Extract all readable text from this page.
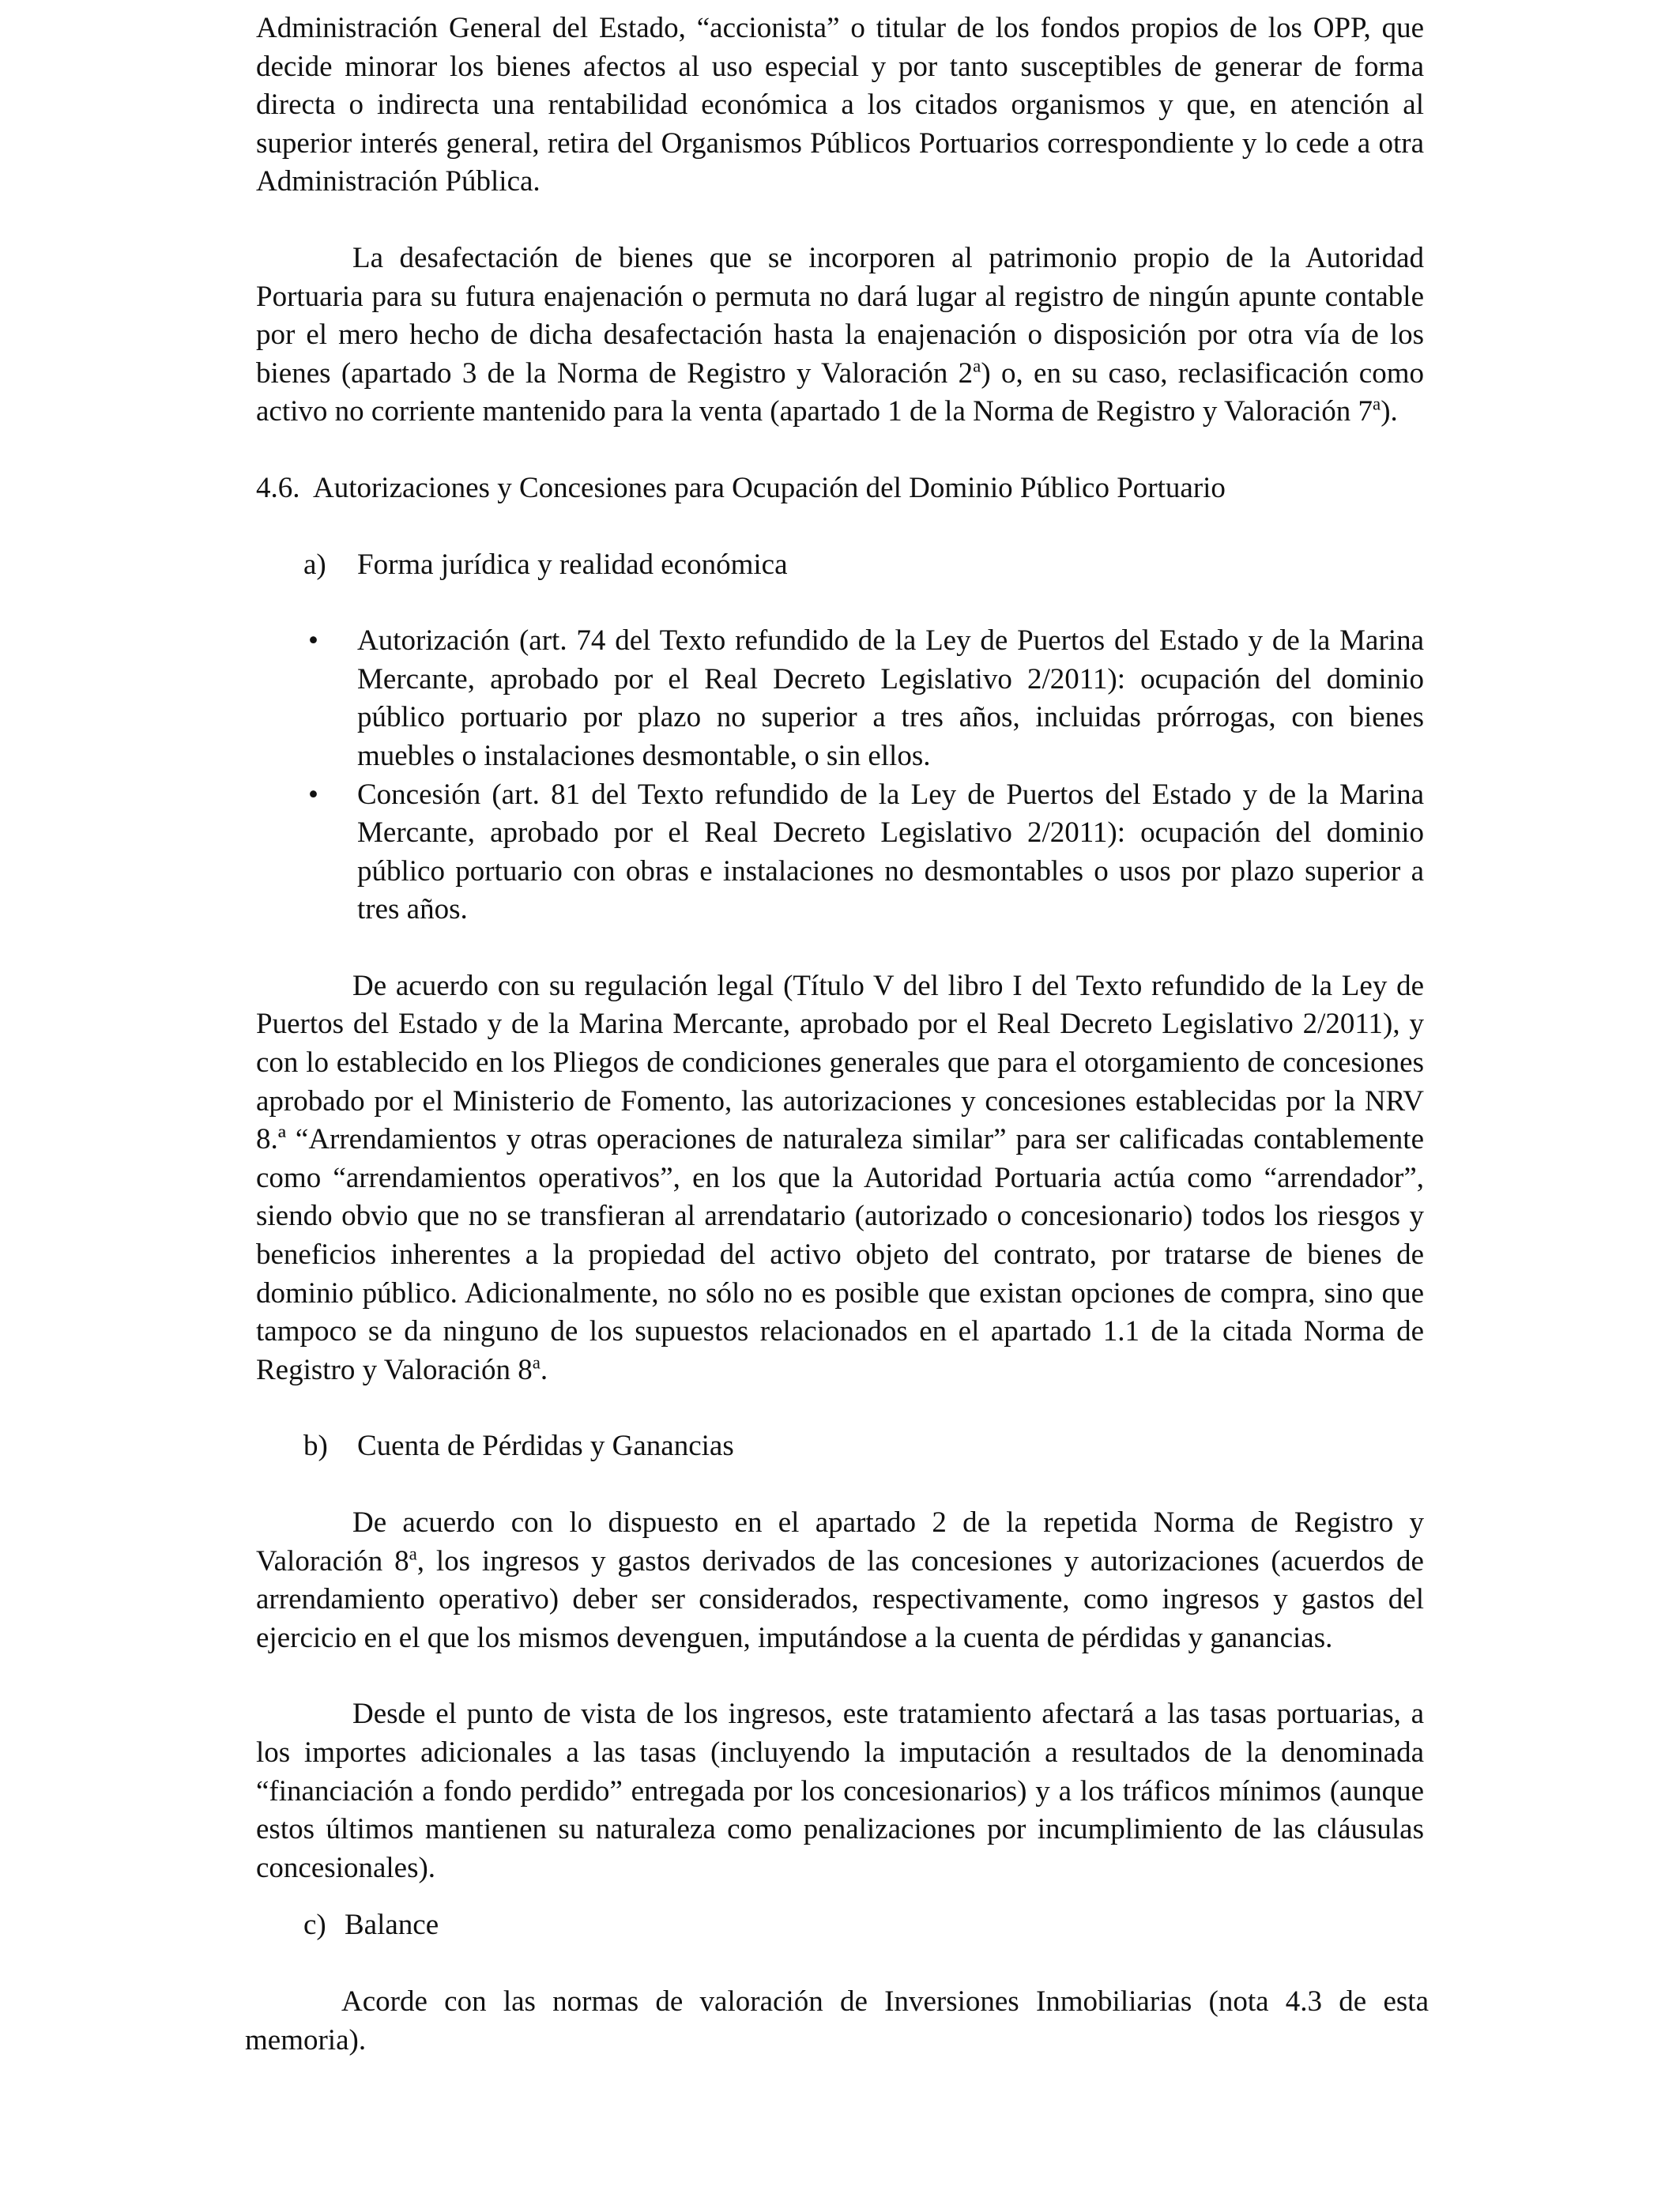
Administración General del Estado, “accionista” o titular de los fondos propios de los OPP, que decide minorar los bienes afectos al uso especial y por tanto susceptibles de generar de forma directa o indirecta una rentabilidad económica a los citados organismos y que, en atención al superior interés general, retira del Organismos Públicos Portuarios correspondiente y lo cede a otra Administración Pública.

La desafectación de bienes que se incorporen al patrimonio propio de la Autoridad Portuaria para su futura enajenación o permuta no dará lugar al registro de ningún apunte contable por el mero hecho de dicha desafectación hasta la enajenación o disposición por otra vía de los bienes (apartado 3 de la Norma de Registro y Valoración 2$^a$) o, en su caso, reclasificación como activo no corriente mantenido para la venta (apartado 1 de la Norma de Registro y Valoración 7$^a$).

4.6. Autorizaciones y Concesiones para Ocupación del Dominio Público Portuario

a)	Forma jurídica y realidad económica
• Autorización (art. 74 del Texto refundido de la Ley de Puertos del Estado y de la Marina Mercante, aprobado por el Real Decreto Legislativo 2/2011): ocupación del dominio público portuario por plazo no superior a tres años, incluidas prórrogas, con bienes muebles o instalaciones desmontable, o sin ellos.
• Concesión (art. 81 del Texto refundido de la Ley de Puertos del Estado y de la Marina Mercante, aprobado por el Real Decreto Legislativo 2/2011): ocupación del dominio público portuario con obras e instalaciones no desmontables o usos por plazo superior a tres años.

De acuerdo con su regulación legal (Título V del libro I del Texto refundido de la Ley de Puertos del Estado y de la Marina Mercante, aprobado por el Real Decreto Legislativo 2/2011), y con lo establecido en los Pliegos de condiciones generales que para el otorgamiento de concesiones aprobado por el Ministerio de Fomento, las autorizaciones y concesiones establecidas por la NRV 8.ª “Arrendamientos y otras operaciones de naturaleza similar” para ser calificadas contablemente como “arrendamientos operativos”, en los que la Autoridad Portuaria actúa como “arrendador”, siendo obvio que no se transfieran al arrendatario (autorizado o concesionario) todos los riesgos y beneficios inherentes a la propiedad del activo objeto del contrato, por tratarse de bienes de dominio público. Adicionalmente, no sólo no es posible que existan opciones de compra, sino que tampoco se da ninguno de los supuestos relacionados en el apartado 1.1 de la citada Norma de Registro y Valoración 8$^a$.

b)	Cuenta de Pérdidas y Ganancias

De acuerdo con lo dispuesto en el apartado 2 de la repetida Norma de Registro y Valoración 8$^a$, los ingresos y gastos derivados de las concesiones y autorizaciones (acuerdos de arrendamiento operativo) deber ser considerados, respectivamente, como ingresos y gastos del ejercicio en el que los mismos devenguen, imputándose a la cuenta de pérdidas y ganancias.

Desde el punto de vista de los ingresos, este tratamiento afectará a las tasas portuarias, a los importes adicionales a las tasas (incluyendo la imputación a resultados de la denominada “financiación a fondo perdido” entregada por los concesionarios) y a los tráficos mínimos (aunque estos últimos mantienen su naturaleza como penalizaciones por incumplimiento de las cláusulas concesionales).

c) Balance

Acorde con las normas de valoración de Inversiones Inmobiliarias (nota 4.3 de esta memoria).
